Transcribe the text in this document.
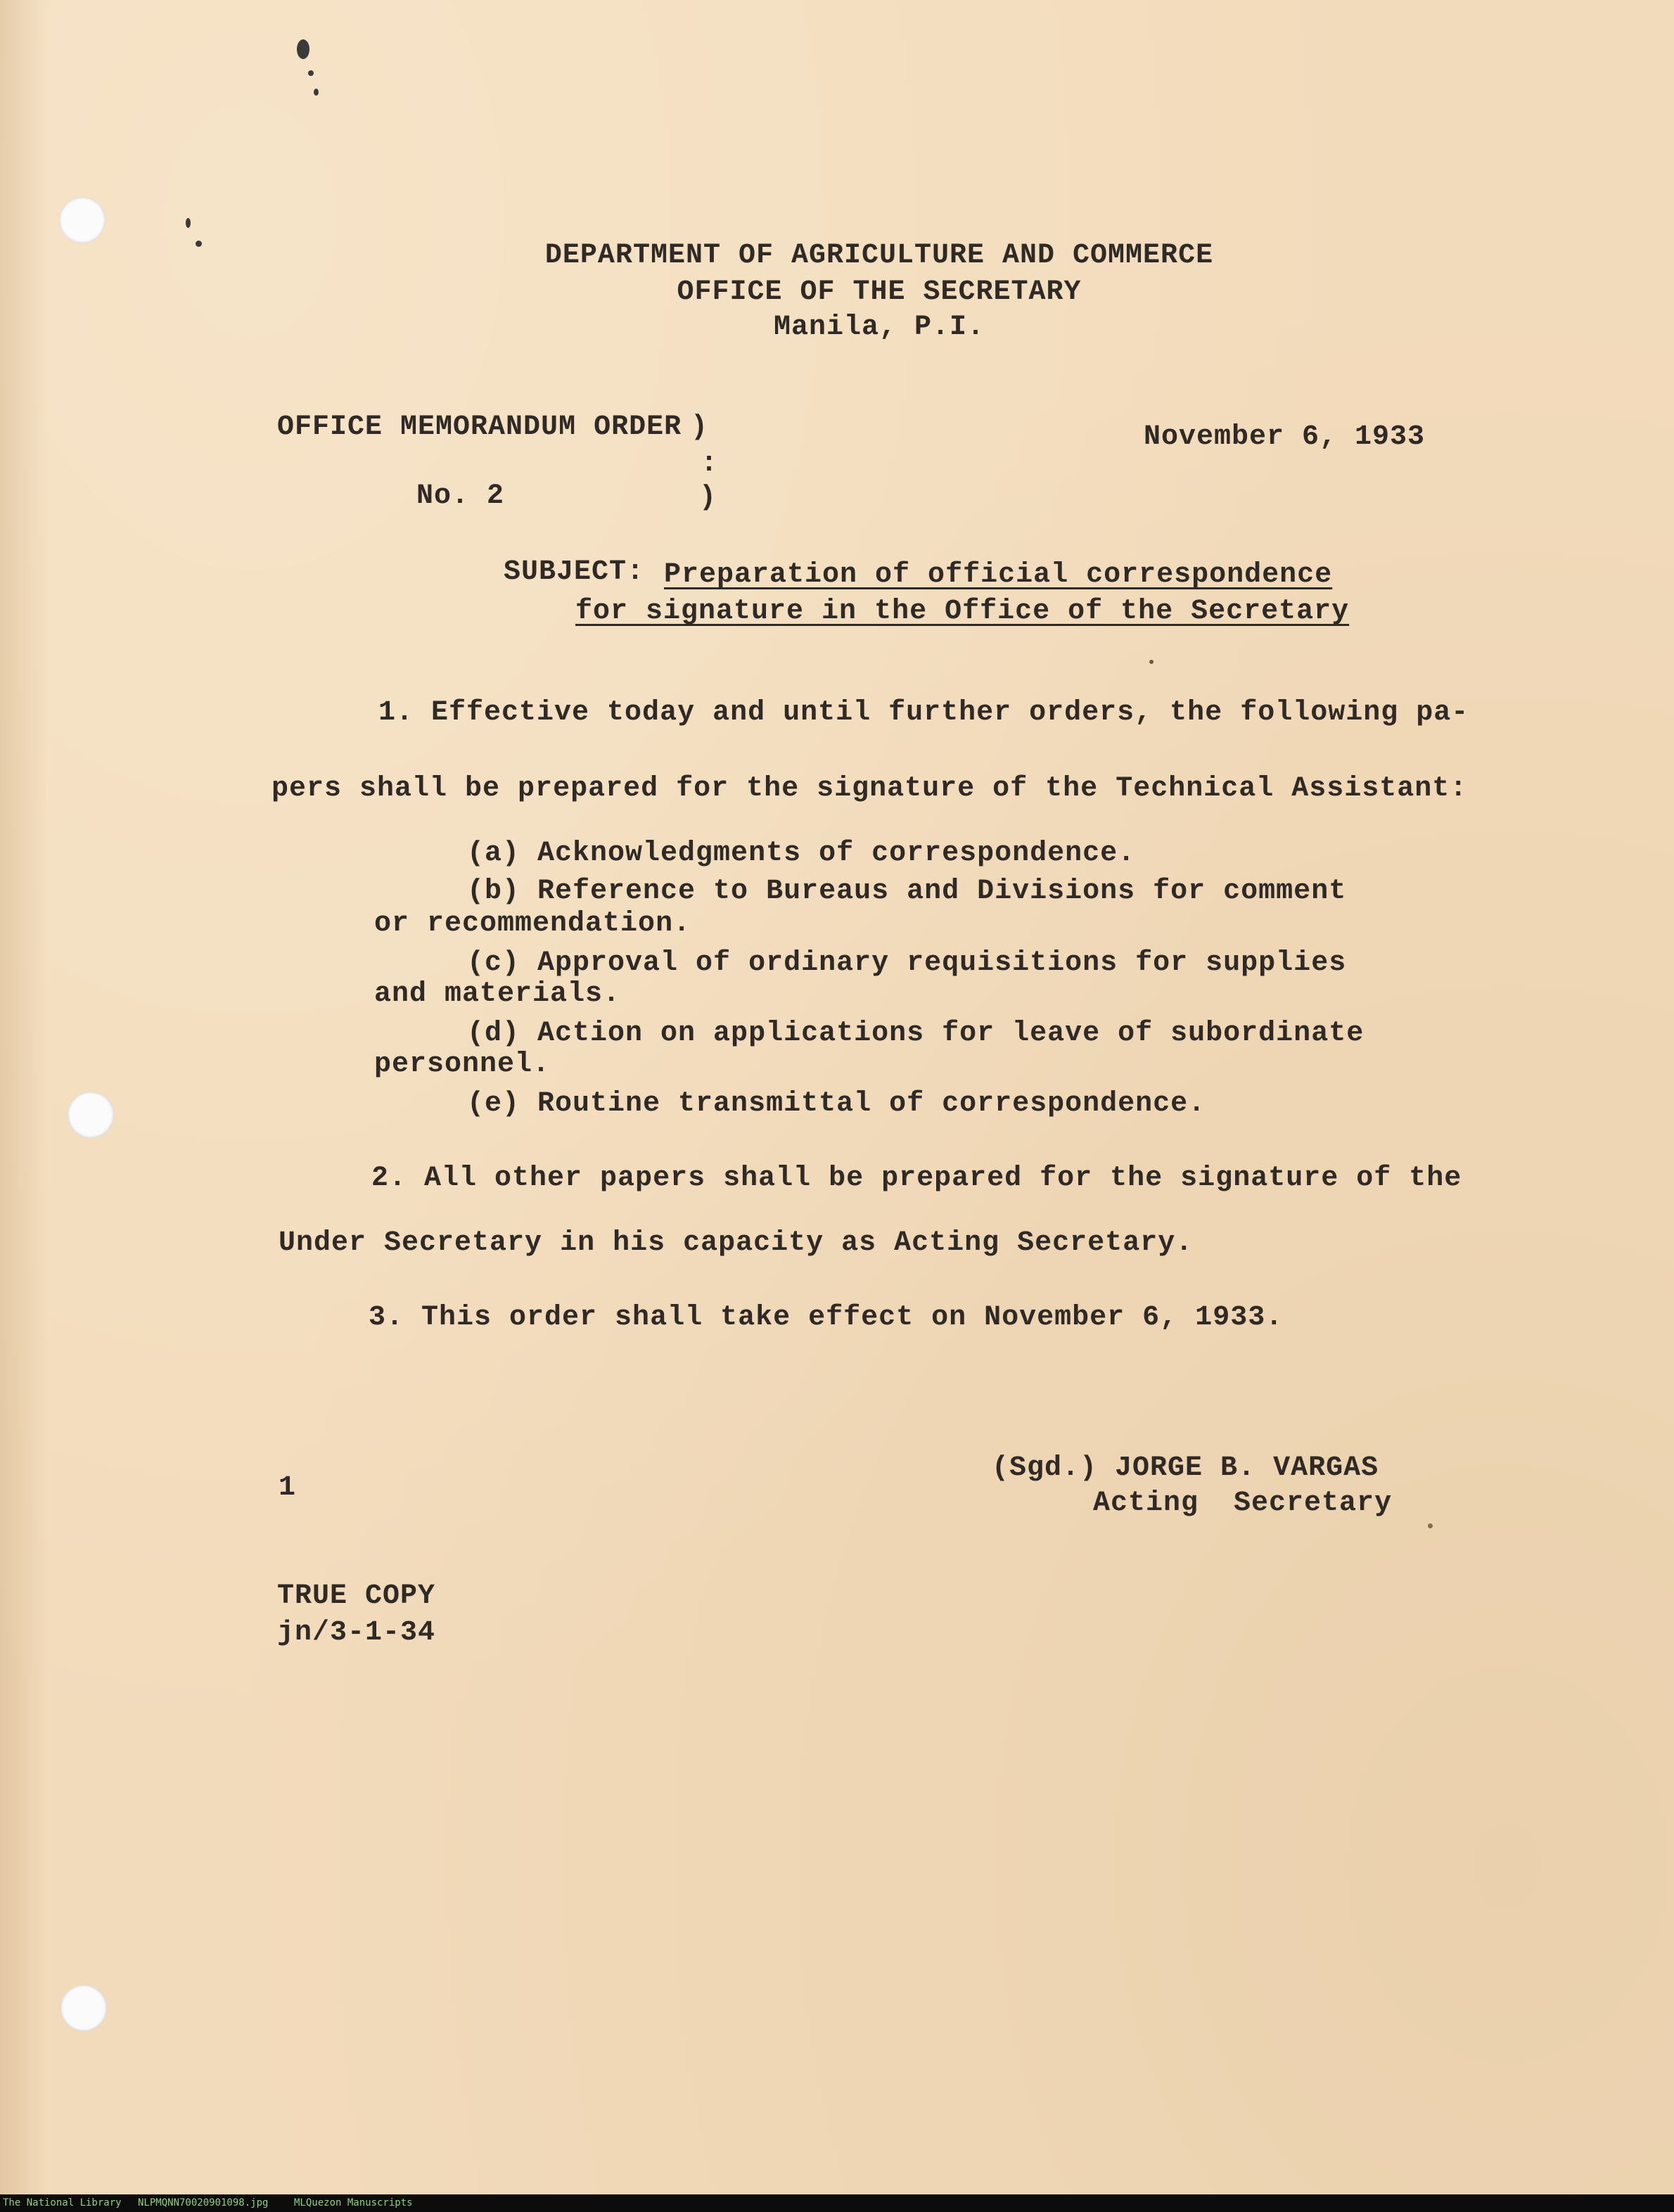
DEPARTMENT OF AGRICULTURE AND COMMERCE
OFFICE OF THE SECRETARY
Manila, P.I.
OFFICE MEMORANDUM ORDER )
:
)
No. 2
November 6, 1933
SUBJECT: Preparation of official correspondence
for signature in the Office of the Secretary
1. Effective today and until further orders, the following pa-
pers shall be prepared for the signature of the Technical Assistant:
(a) Acknowledgments of correspondence.
(b) Reference to Bureaus and Divisions for comment
or recommendation.
(c) Approval of ordinary requisitions for supplies
and materials.
(d) Action on applications for leave of subordinate
personnel.
(e) Routine transmittal of correspondence.
2. All other papers shall be prepared for the signature of the
Under Secretary in his capacity as Acting Secretary.
3. This order shall take effect on November 6, 1933.
(Sgd.) JORGE B. VARGAS
Acting  Secretary
1
TRUE COPY
jn/3-1-34
The National Library NLPMQNN70020901098.jpg	MLQuezon Manuscripts
